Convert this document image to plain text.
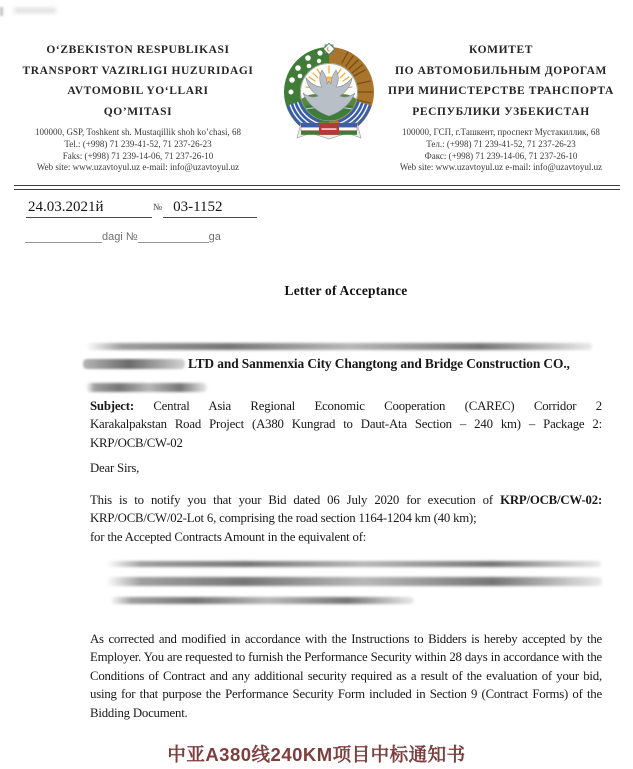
O‘ZBEKISTON RESPUBLIKASI
TRANSPORT VAZIRLIGI HUZURIDAGI
AVTOMOBIL YO‘LLARI
QO’MITASI
100000, GSP, Toshkent sh. Mustaqillik shoh ko’chasi, 68
Tel.: (+998) 71 239-41-52, 71 237-26-23
Faks: (+998) 71 239-14-06, 71 237-26-10
Web site: www.uzavtoyul.uz e-mail: info@uzavtoyul.uz
КОМИТЕТ
ПО АВТОМОБИЛЬНЫМ ДОРОГАМ
ПРИ МИНИСТЕРСТВЕ ТРАНСПОРТА
РЕСПУБЛИКИ УЗБЕКИСТАН
100000, ГСП, г.Ташкент, проспект Мустакиллик, 68
Тел.: (+998) 71 239-41-52, 71 237-26-23
Факс: (+998) 71 239-14-06, 71 237-26-10
Web site: www.uzavtoyul.uz e-mail: info@uzavtoyul.uz
24.03.2021й	№ 03-1152
dagi №	ga
Letter of Acceptance
LTD and Sanmenxia City Changtong and Bridge Construction CO.,
Subject: Central Asia Regional Economic Cooperation (CAREC) Corridor 2
Karakalpakstan Road Project (A380 Kungrad to Daut-Ata Section – 240 km) – Package 2:
KRP/OCB/CW-02
Dear Sirs,
This is to notify you that your Bid dated 06 July 2020 for execution of KRP/OCB/CW-02:
KRP/OCB/CW/02-Lot 6, comprising the road section 1164-1204 km (40 km);
for the Accepted Contracts Amount in the equivalent of:
As corrected and modified in accordance with the Instructions to Bidders is hereby accepted by the Employer. You are requested to furnish the Performance Security within 28 days in accordance with the Conditions of Contract and any additional security required as a result of the evaluation of your bid, using for that purpose the Performance Security Form included in Section 9 (Contract Forms) of the Bidding Document.
中亚A380线240KM项目中标通知书
